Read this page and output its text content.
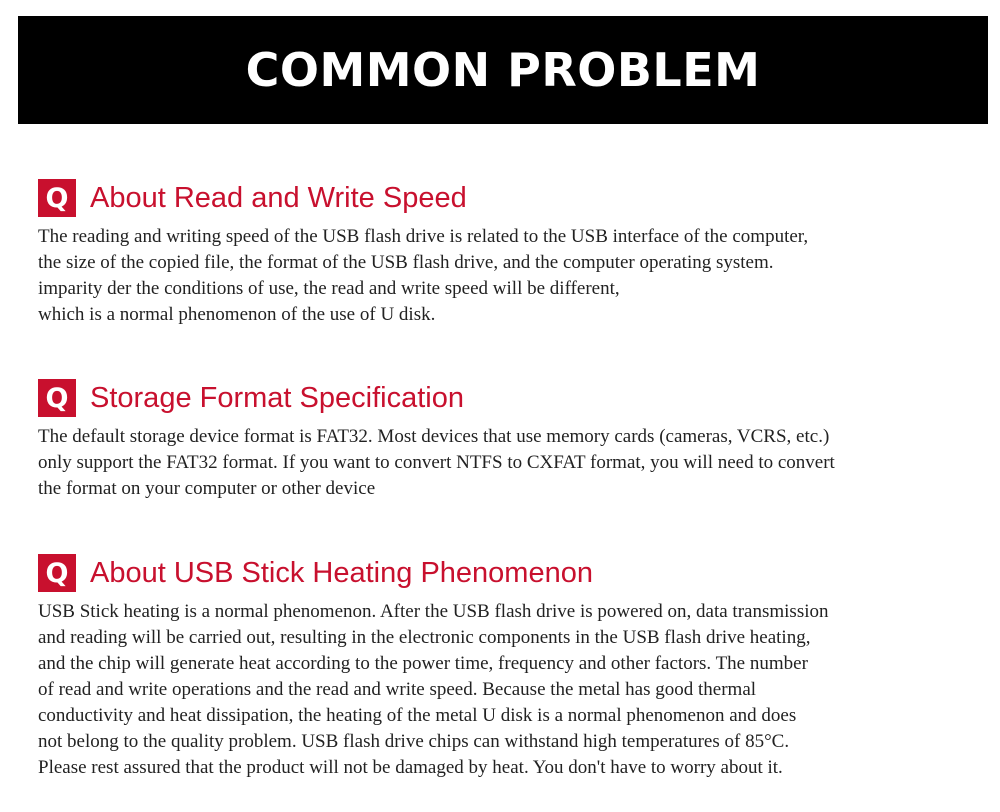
COMMON PROBLEM
Q About Read and Write Speed
The reading and writing speed of the USB flash drive is related to the USB interface of the computer,
the size of the copied file, the format of the USB flash drive, and the computer operating system.
imparity der the conditions of use, the read and write speed will be different,
which is a normal phenomenon of the use of U disk.
Q Storage Format Specification
The default storage device format is FAT32. Most devices that use memory cards (cameras, VCRS, etc.)
only support the FAT32 format. If you want to convert NTFS to CXFAT format, you will need to convert
the format on your computer or other device
Q About USB Stick Heating Phenomenon
USB Stick heating is a normal phenomenon. After the USB flash drive is powered on, data transmission
and reading will be carried out, resulting in the electronic components in the USB flash drive heating,
and the chip will generate heat according to the power time, frequency and other factors. The number
of read and write operations and the read and write speed. Because the metal has good thermal
conductivity and heat dissipation, the heating of the metal U disk is a normal phenomenon and does
not belong to the quality problem. USB flash drive chips can withstand high temperatures of 85°C.
Please rest assured that the product will not be damaged by heat. You don't have to worry about it.
